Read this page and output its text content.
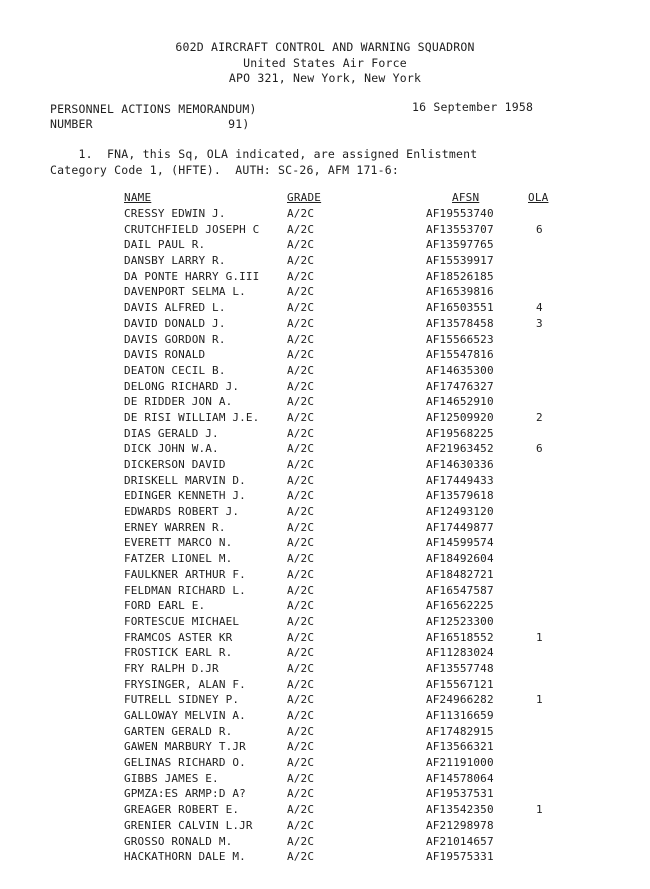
602D AIRCRAFT CONTROL AND WARNING SQUADRON
United States Air Force
APO 321, New York, New York
PERSONNEL ACTIONS MEMORANDUM)
NUMBER                   91)
16 September 1958
1.  FNA, this Sq, OLA indicated, are assigned Enlistment
Category Code 1, (HFTE).  AUTH: SC-26, AFM 171-6:
NAME	GRADE	AFSN	OLA
CRESSY EDWIN J.	A/2C	AF19553740
CRUTCHFIELD JOSEPH C	A/2C	AF13553707	6
DAIL PAUL R.	A/2C	AF13597765
DANSBY LARRY R.	A/2C	AF15539917
DA PONTE HARRY G.III	A/2C	AF18526185
DAVENPORT SELMA L.	A/2C	AF16539816
DAVIS ALFRED L.	A/2C	AF16503551	4
DAVID DONALD J.	A/2C	AF13578458	3
DAVIS GORDON R.	A/2C	AF15566523
DAVIS RONALD	A/2C	AF15547816
DEATON CECIL B.	A/2C	AF14635300
DELONG RICHARD J.	A/2C	AF17476327
DE RIDDER JON A.	A/2C	AF14652910
DE RISI WILLIAM J.E.	A/2C	AF12509920	2
DIAS GERALD J.	A/2C	AF19568225
DICK JOHN W.A.	A/2C	AF21963452	6
DICKERSON DAVID	A/2C	AF14630336
DRISKELL MARVIN D.	A/2C	AF17449433
EDINGER KENNETH J.	A/2C	AF13579618
EDWARDS ROBERT J.	A/2C	AF12493120
ERNEY WARREN R.	A/2C	AF17449877
EVERETT MARCO N.	A/2C	AF14599574
FATZER LIONEL M.	A/2C	AF18492604
FAULKNER ARTHUR F.	A/2C	AF18482721
FELDMAN RICHARD L.	A/2C	AF16547587
FORD EARL E.	A/2C	AF16562225
FORTESCUE MICHAEL	A/2C	AF12523300
FRAMCOS ASTER KR	A/2C	AF16518552	1
FROSTICK EARL R.	A/2C	AF11283024
FRY RALPH D.JR	A/2C	AF13557748
FRYSINGER, ALAN F.	A/2C	AF15567121
FUTRELL SIDNEY P.	A/2C	AF24966282	1
GALLOWAY MELVIN A.	A/2C	AF11316659
GARTEN GERALD R.	A/2C	AF17482915
GAWEN MARBURY T.JR	A/2C	AF13566321
GELINAS RICHARD O.	A/2C	AF21191000
GIBBS JAMES E.	A/2C	AF14578064
GPMZA:ES ARMP:D A?	A/2C	AF19537531
GREAGER ROBERT E.	A/2C	AF13542350	1
GRENIER CALVIN L.JR	A/2C	AF21298978
GROSSO RONALD M.	A/2C	AF21014657
HACKATHORN DALE M.	A/2C	AF19575331
